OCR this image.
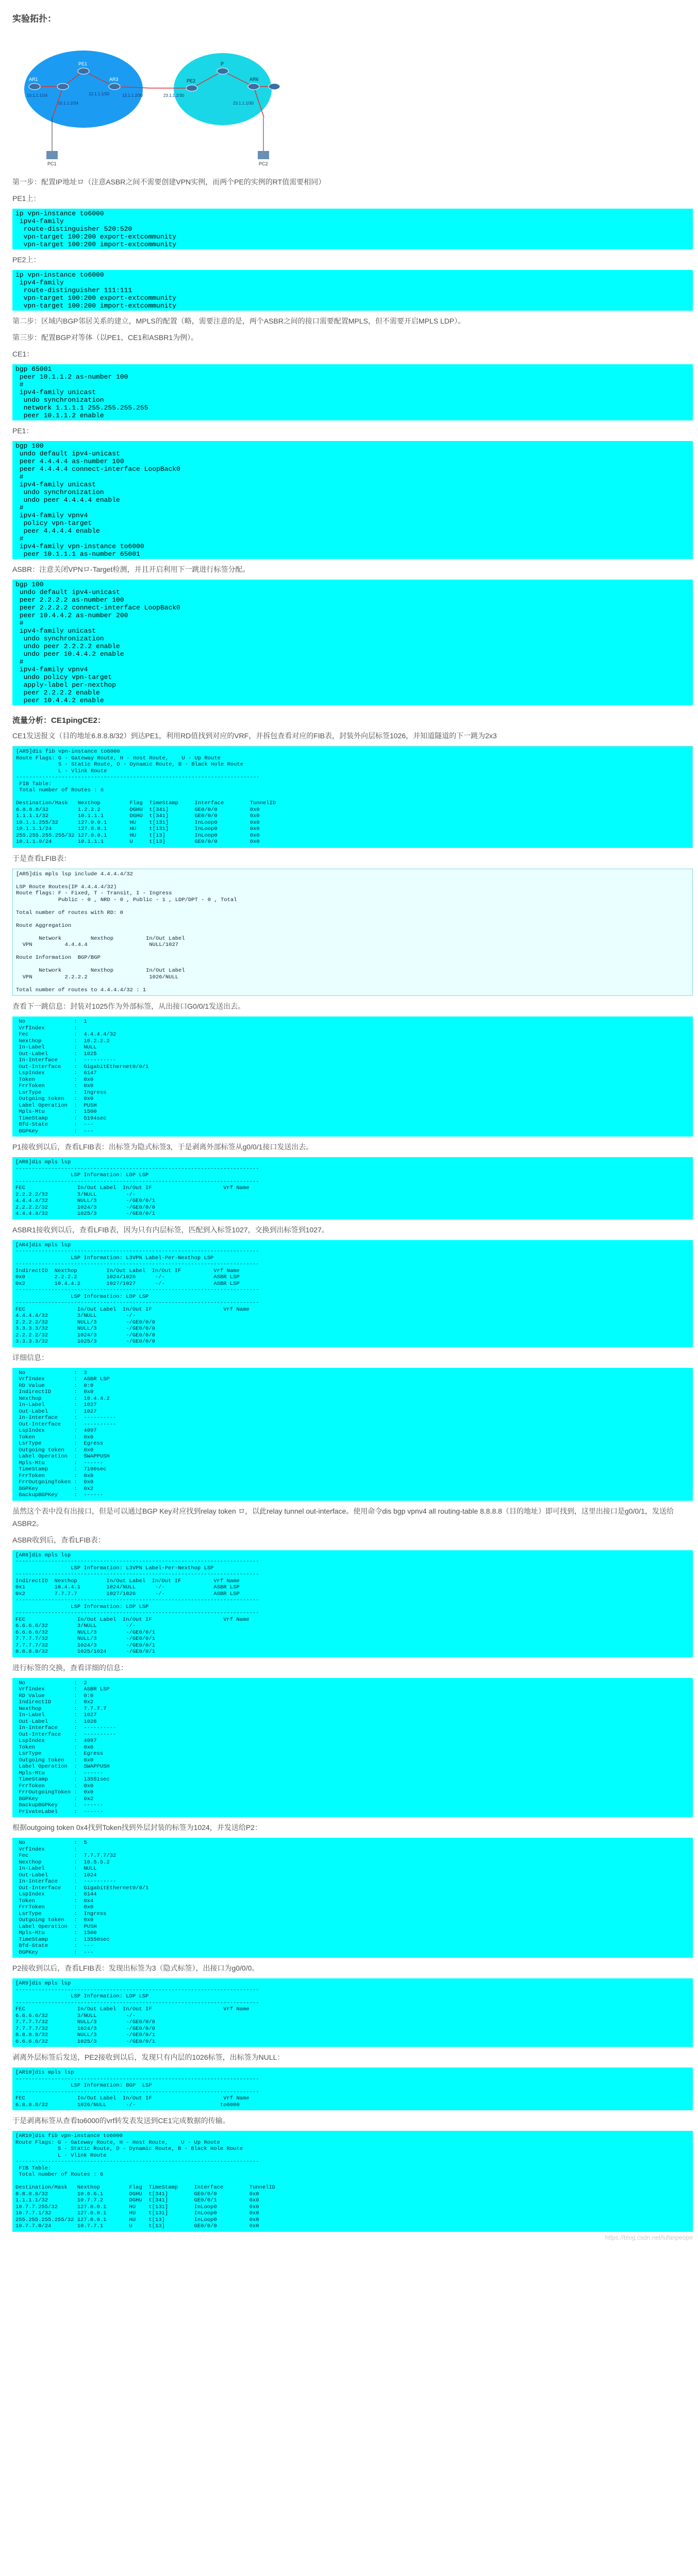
实验拓扑：
AR1
PE1
AR3	PE2
P
AR6
10.1.1.1/24
10.1.1.2/24
12.1.1.1/30	12.1.1.2/30	23.1.1.2/30
23.1.1.1/30
PC1	PC2

第一步：配置IP地址ロ（注意ASBR之间不需要创建VPN实例，而两个PE的实例的RT值需要相同）

PE1上：

ip vpn-instance to6000
ipv4-family
route-distinguisher 520:520
vpn-target 100:200 export-extcommunity
vpn-target 100:200 import-extcommunity

PE2上：

ip vpn-instance to6000
ipv4-family
route-distinguisher 111:111
vpn-target 100:200 export-extcommunity
vpn-target 100:200 import-extcommunity

第二步：区域内BGP邻居关系的建立，MPLS的配置（略，需要注意的是，两个ASBR之间的接口需要配置MPLS，但不需要开启MPLS LDP）。

第三步：配置BGP对等体（以PE1、CE1和ASBR1为例）。

CE1：

bgp 65001
peer 10.1.1.2 as-number 100
#
ipv4-family unicast
undo synchronization
network 1.1.1.1 255.255.255.255
peer 10.1.1.2 enable

PE1：

bgp 100
undo default ipv4-unicast
peer 4.4.4.4 as-number 100
peer 4.4.4.4 connect-interface LoopBack0
#
ipv4-family unicast
undo synchronization
undo peer 4.4.4.4 enable
#
ipv4-family vpnv4
policy vpn-target
peer 4.4.4.4 enable
#
ipv4-family vpn-instance to6000
peer 10.1.1.1 as-number 65001

ASBR：注意关闭VPNロ-Target检测，并且开启利用下一跳进行标签分配。

bgp 100
undo default ipv4-unicast
peer 2.2.2.2 as-number 100
peer 2.2.2.2 connect-interface LoopBack0
peer 10.4.4.2 as-number 200
#
ipv4-family unicast
undo synchronization
undo peer 2.2.2.2 enable
undo peer 10.4.4.2 enable
#
ipv4-family vpnv4
undo policy vpn-target
apply-label per-nexthop
peer 2.2.2.2 enable
peer 10.4.4.2 enable
流量分析：CE1pingCE2：

CE1发送报文（目的地址6.8.8.8/32）到达PE1，利用RD值找到对应的VRF，并拆包查看对应的FIB表，封装外向层标签1026，并知道隧道的下一跳为2x3

[AR5]dis fib vpn-instance to6000
Route Flags: G - Gateway Route, H - Host Route,    U - Up Route
S - Static Route, D - Dynamic Route, B - Black Hole Route
L - Vlink Route
---------------------------------------------------------------------------
FIB Table:
Total number of Routes : 6

Destination/Mask   Nexthop         Flag  TimeStamp     Interface        TunnelID
6.8.8.8/32         1.2.2.2         DGHU  t[341]        GE0/0/0          0x0
1.1.1.1/32         10.1.1.1        DGHU  t[341]        GE0/0/0          0x0
10.1.1.255/32      127.0.0.1       HU    t[131]        InLoop0          0x0
10.1.1.1/24        127.0.0.1       HU    t[131]        InLoop0          0x0
255.255.255.255/32 127.0.0.1       HU    t[13]         InLoop0          0x0
10.1.1.0/24        10.1.1.1        U     t[13]         GE0/0/0          0x0

于是查看LFIB表：

[AR5]dis mpls lsp include 4.4.4.4/32

LSP Route Routes(IP 4.4.4.4/32)
Route flags: F - Fixed, T - Transit, I - Ingress
Public - 0 , NRD - 0 , Public - 1 , LDP/DPT - 0 , Total

Total number of routes with RD: 0

Route Aggregation

Network         Nexthop          In/Out Label
VPN          4.4.4.4                   NULL/1027

Route Information  BGP/BGP

Network         Nexthop          In/Out Label
VPN          2.2.2.2                   1026/NULL

Total number of routes to 4.4.4.4/32 : 1

查看下一跳信息：封装对1025作为外部标签，从出接口G0/0/1发送出去。

No               :  1
VrfIndex         :
Fec              :  4.4.4.4/32
Nexthop          :  10.2.2.2
In-Label         :  NULL
Out-Label        :  1025
In-Interface     :  ----------
Out-Interface    :  GigabitEthernet0/0/1
LspIndex         :  6147
Token            :  0x0
FrrToken         :  0x0
LsrType          :  Ingress
Outgoing token   :  0x0
Label Operation  :  PUSH
Mpls-Mtu         :  1500
TimeStamp        :  5194sec
Bfd-State        :  ---
BGPKey           :  ---

P1接收到以后，查看LFIB表：出标签为隐式标签3，于是剥离外部标签从g0/0/1接口发送出去。

[AR6]dis mpls lsp
---------------------------------------------------------------------------
LSP Information: LDP LSP
---------------------------------------------------------------------------
FEC                In/Out Label  In/Out IF                      Vrf Name
2.2.2.2/32         3/NULL         -/-
4.4.4.4/32         NULL/3         -/GE0/0/1
2.2.2.2/32         1024/3         -/GE0/0/0
4.4.4.4/32         1025/3         -/GE0/0/1

ASBR1接收到以后，查看LFIB表，因为只有内层标签，匹配到入标签1027，交换到出标签到1027。

[AR4]dis mpls lsp
---------------------------------------------------------------------------
LSP Information: L3VPN Label-Per-Nexthop LSP
---------------------------------------------------------------------------
IndirectID  Nexthop         In/Out Label  In/Out IF          Vrf Name
0x0         2.2.2.2         1024/1026      -/-               ASBR LSP
0x2         10.4.4.2        1027/1027      -/-               ASBR LSP
---------------------------------------------------------------------------
LSP Information: LDP LSP
---------------------------------------------------------------------------
FEC                In/Out Label  In/Out IF                      Vrf Name
4.4.4.4/32         3/NULL         -/-
2.2.2.2/32         NULL/3         -/GE0/0/0
3.3.3.3/32         NULL/3         -/GE0/0/0
2.2.2.2/32         1024/3         -/GE0/0/0
3.3.3.3/32         1025/3         -/GE0/0/0

详细信息：

No               :  3
VrfIndex         :  ASBR LSP
RD Value         :  0:0
IndirectID       :  0x0
Nexthop          :  10.4.4.2
In-Label         :  1027
Out-Label        :  1027
In-Interface     :  ----------
Out-Interface    :  ----------
LspIndex         :  4097
Token            :  0x0
LsrType          :  Egress
Outgoing token   :  0x0
Label Operation  :  SWAPPUSH
Mpls-Mtu         :  ------
TimeStamp        :  7190sec
FrrToken         :  0x0
FrrOutgoingToken :  0x0
BGPKey           :  0x2
BackupBGPKey     :  ------

虽然这个表中没有出接口，但是可以通过BGP Key对应找到relay token ロ，以此relay tunnel out-interface。使用命令dis bgp vpnv4 all routing-table 8.8.8.8（目的地址）即可找到，这里出接口是g0/0/1，发送给ASBR2。

ASBR收到后，查看LFIB表：

[AR8]dis mpls lsp
---------------------------------------------------------------------------
LSP Information: L3VPN Label-Per-Nexthop LSP
---------------------------------------------------------------------------
IndirectID  Nexthop         In/Out Label  In/Out IF          Vrf Name
0x1         10.4.4.1        1024/NULL      -/-               ASBR LSP
0x2         7.7.7.7         1027/1026      -/-               ASBR LSP
---------------------------------------------------------------------------
LSP Information: LDP LSP
---------------------------------------------------------------------------
FEC                In/Out Label  In/Out IF                      Vrf Name
6.6.6.6/32         3/NULL         -/-
6.6.6.6/32         NULL/3         -/GE0/0/1
7.7.7.7/32         NULL/3         -/GE0/0/1
7.7.7.7/32         1024/3         -/GE0/0/1
8.8.8.8/32         1025/1024      -/GE0/0/1

进行标签的交换，查看详细的信息：

No               :  2
VrfIndex         :  ASBR LSP
RD Value         :  0:0
IndirectID       :  0x2
Nexthop          :  7.7.7.7
In-Label         :  1027
Out-Label        :  1026
In-Interface     :  ----------
Out-Interface    :  ----------
LspIndex         :  4097
Token            :  0x0
LsrType          :  Egress
Outgoing token   :  0x0
Label Operation  :  SWAPPUSH
Mpls-Mtu         :  ------
TimeStamp        :  13551sec
FrrToken         :  0x0
FrrOutgoingToken :  0x0
BGPKey           :  0x2
BackupBGPKey     :  ------
PrivateLabel     :  ------

根据outgoing token 0x4找到Token找到外层封装的标签为1024，并发送给P2：

No               :  5
VrfIndex         :
Fec              :  7.7.7.7/32
Nexthop          :  10.5.5.2
In-Label         :  NULL
Out-Label        :  1024
In-Interface     :  ----------
Out-Interface    :  GigabitEthernet0/0/1
LspIndex         :  6144
Token            :  0x4
FrrToken         :  0x0
LsrType          :  Ingress
Outgoing token   :  0x0
Label Operation  :  PUSH
Mpls-Mtu         :  1500
TimeStamp        :  13550sec
Bfd-State        :  ---
BGPKey           :  ---

P2接收到以后，查看LFIB表：发现出标签为3（隐式标签），出接口为g0/0/0。

[AR9]dis mpls lsp
---------------------------------------------------------------------------
LSP Information: LDP LSP
---------------------------------------------------------------------------
FEC                In/Out Label  In/Out IF                      Vrf Name
6.6.6.6/32         3/NULL         -/-
7.7.7.7/32         NULL/3         -/GE0/0/0
7.7.7.7/32         1024/3         -/GE0/0/0
8.8.8.8/32         NULL/3         -/GE0/0/1
6.6.6.6/32         1025/3         -/GE0/0/1

剥离外层标签后发送，PE2接收到以后，发现只有内层的1026标签，出标签为NULL：

[AR10]dis mpls lsp
---------------------------------------------------------------------------
LSP Information: BGP  LSP
---------------------------------------------------------------------------
FEC                In/Out Label  In/Out IF                      Vrf Name
6.8.8.8/32         1026/NULL      -/-                          to6000

于是剥离标签从查看to6000的vrf转发表发送到CE1完成数据的传输。

[AR10]dis fib vpn-instance to6000
Route Flags: G - Gateway Route, H - Host Route,    U - Up Route
S - Static Route, D - Dynamic Route, B - Black Hole Route
L - Vlink Route
---------------------------------------------------------------------------
FIB Table:
Total number of Routes : 6

Destination/Mask   Nexthop         Flag  TimeStamp     Interface        TunnelID
8.8.8.8/32         10.6.6.1        DGHU  t[341]        GE0/0/0          0x0
1.1.1.1/32         10.7.7.2        DGHU  t[341]        GE0/0/1          0x0
10.7.7.255/32      127.0.0.1       HU    t[131]        InLoop0          0x0
10.7.7.1/32        127.0.0.1       HU    t[131]        InLoop0          0x0
255.255.255.255/32 127.0.0.1       HU    t[13]         InLoop0          0x0
10.7.7.0/24        10.7.7.1        U     t[13]         GE0/0/0          0x0
https://blog.csdn.net/lufanpeope
